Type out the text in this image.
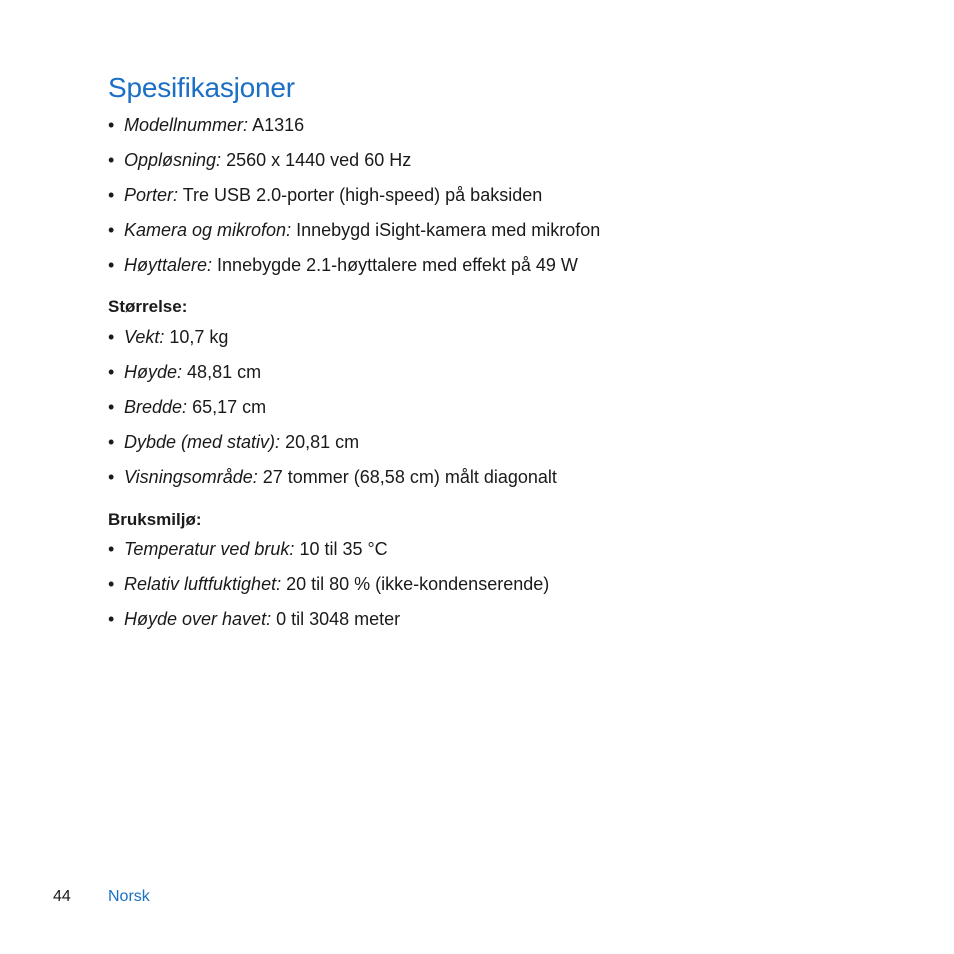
Spesifikasjoner
• Modellnummer: A1316
• Oppløsning: 2560 x 1440 ved 60 Hz
• Porter: Tre USB 2.0-porter (high-speed) på baksiden
• Kamera og mikrofon: Innebygd iSight-kamera med mikrofon
• Høyttalere: Innebygde 2.1-høyttalere med effekt på 49 W
Størrelse:
• Vekt: 10,7 kg
• Høyde: 48,81 cm
• Bredde: 65,17 cm
• Dybde (med stativ): 20,81 cm
• Visningsområde: 27 tommer (68,58 cm) målt diagonalt
Bruksmiljø:
• Temperatur ved bruk: 10 til 35 °C
• Relativ luftfuktighet: 20 til 80 % (ikke-kondenserende)
• Høyde over havet: 0 til 3048 meter
44 Norsk
